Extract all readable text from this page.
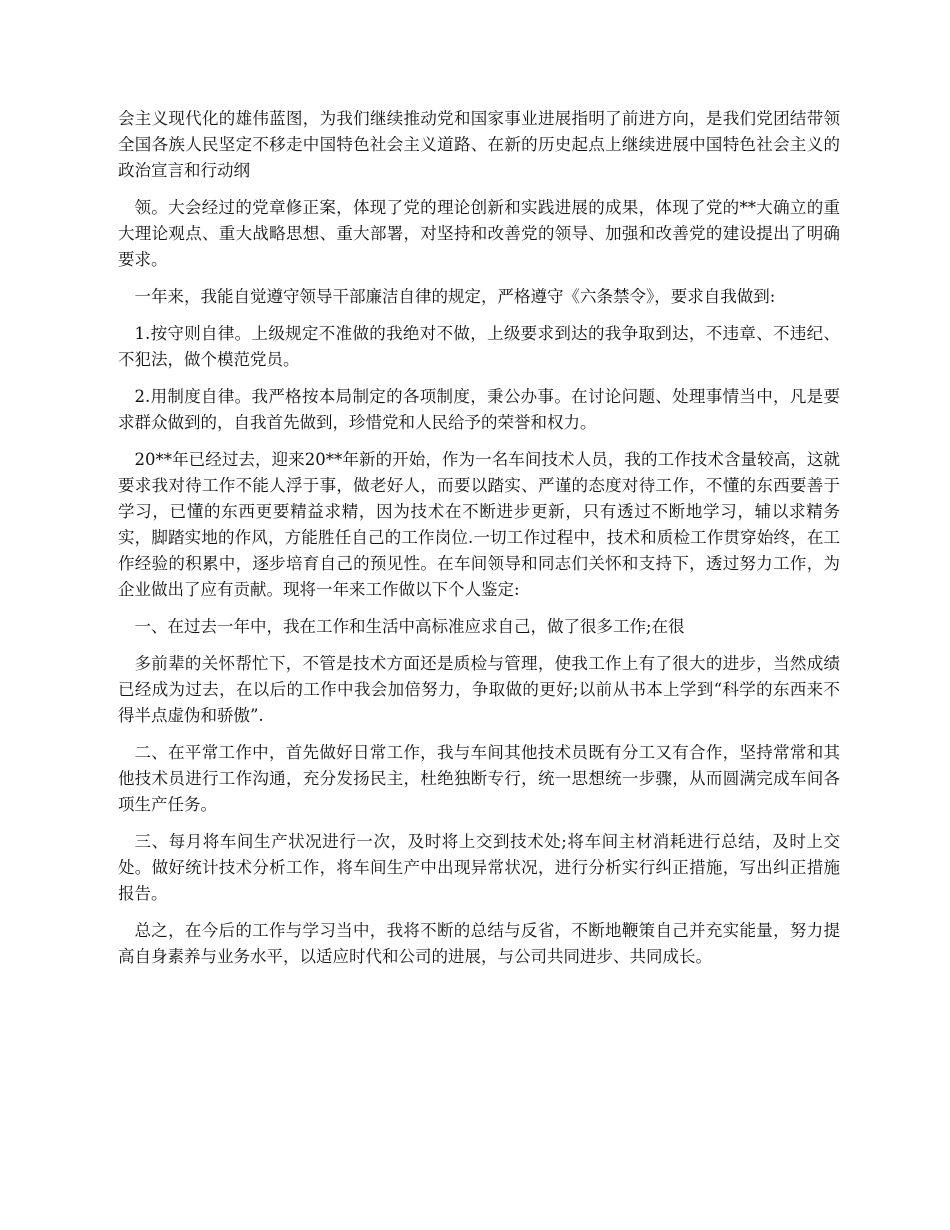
会主义现代化的雄伟蓝图，为我们继续推动党和国家事业进展指明了前进方向，是我们党团结带领全国各族人民坚定不移走中国特色社会主义道路、在新的历史起点上继续进展中国特色社会主义的政治宣言和行动纲

领。大会经过的党章修正案，体现了党的理论创新和实践进展的成果，体现了党的**大确立的重大理论观点、重大战略思想、重大部署，对坚持和改善党的领导、加强和改善党的建设提出了明确要求。

一年来，我能自觉遵守领导干部廉洁自律的规定，严格遵守《六条禁令》，要求自我做到:

1.按守则自律。上级规定不准做的我绝对不做，上级要求到达的我争取到达，不违章、不违纪、不犯法，做个模范党员。

2.用制度自律。我严格按本局制定的各项制度，秉公办事。在讨论问题、处理事情当中，凡是要求群众做到的，自我首先做到，珍惜党和人民给予的荣誉和权力。

20**年已经过去，迎来20**年新的开始，作为一名车间技术人员，我的工作技术含量较高，这就要求我对待工作不能人浮于事，做老好人，而要以踏实、严谨的态度对待工作，不懂的东西要善于学习，已懂的东西更要精益求精，因为技术在不断进步更新，只有透过不断地学习，辅以求精务实，脚踏实地的作风，方能胜任自己的工作岗位.一切工作过程中，技术和质检工作贯穿始终，在工作经验的积累中，逐步培育自己的预见性。在车间领导和同志们关怀和支持下，透过努力工作，为企业做出了应有贡献。现将一年来工作做以下个人鉴定:

一、在过去一年中，我在工作和生活中高标准应求自己，做了很多工作;在很

多前辈的关怀帮忙下，不管是技术方面还是质检与管理，使我工作上有了很大的进步，当然成绩已经成为过去，在以后的工作中我会加倍努力，争取做的更好;以前从书本上学到“科学的东西来不得半点虚伪和骄傲”.

二、在平常工作中，首先做好日常工作，我与车间其他技术员既有分工又有合作，坚持常常和其他技术员进行工作沟通，充分发扬民主，杜绝独断专行，统一思想统一步骤，从而圆满完成车间各项生产任务。

三、每月将车间生产状况进行一次，及时将上交到技术处;将车间主材消耗进行总结，及时上交处。做好统计技术分析工作，将车间生产中出现异常状况，进行分析实行纠正措施，写出纠正措施报告。

总之，在今后的工作与学习当中，我将不断的总结与反省，不断地鞭策自己并充实能量，努力提高自身素养与业务水平，以适应时代和公司的进展，与公司共同进步、共同成长。
